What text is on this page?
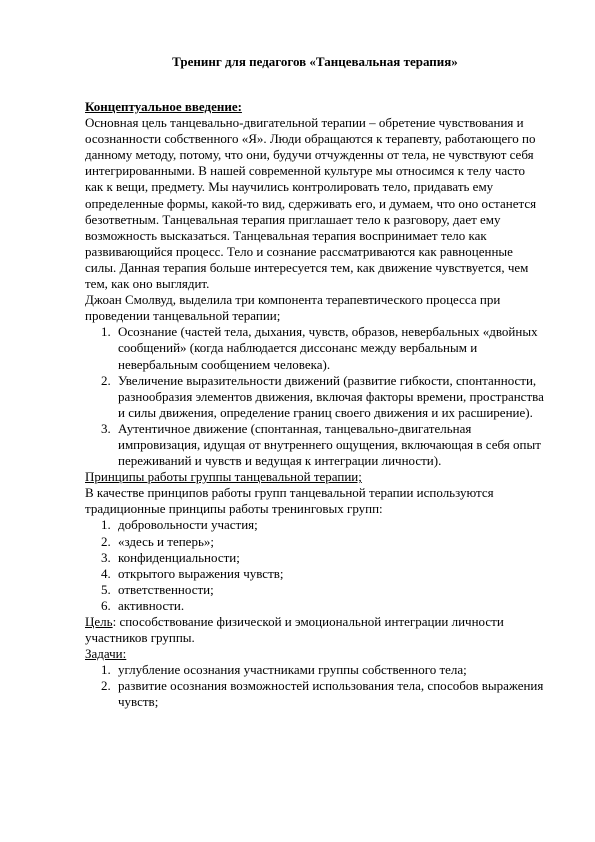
Тренинг для педагогов «Танцевальная терапия»

Концептуальное введение:

Основная цель танцевально-двигательной терапии – обретение чувствования и осознанности собственного «Я». Люди обращаются к терапевту, работающего по данному методу, потому, что они, будучи отчужденны от тела, не чувствуют себя интегрированными. В нашей современной культуре мы относимся к телу часто как к вещи, предмету. Мы научились контролировать тело, придавать ему определенные формы, какой-то вид, сдерживать его, и думаем, что оно останется безответным. Танцевальная терапия приглашает тело к разговору, дает ему возможность высказаться. Танцевальная терапия воспринимает тело как развивающийся процесс. Тело и сознание рассматриваются как равноценные силы. Данная терапия больше интересуется тем, как движение чувствуется, чем тем, как оно выглядит.

Джоан Смолвуд, выделила три компонента терапевтического процесса при проведении танцевальной терапии;

1. Осознание (частей тела, дыхания, чувств, образов, невербальных «двойных сообщений» (когда наблюдается диссонанс между вербальным и невербальным сообщением человека).
2. Увеличение выразительности движений (развитие гибкости, спонтанности, разнообразия элементов движения, включая факторы времени, пространства и силы движения, определение границ своего движения и их расширение).
3. Аутентичное движение (спонтанная, танцевально-двигательная импровизация, идущая от внутреннего ощущения, включающая в себя опыт переживаний и чувств и ведущая к интеграции личности).

Принципы работы группы танцевальной терапии;

В качестве принципов работы групп танцевальной терапии используются традиционные принципы работы тренинговых групп:

1. добровольности участия;
2. «здесь и теперь»;
3. конфиденциальности;
4. открытого выражения чувств;
5. ответственности;
6. активности.

Цель: способствование физической и эмоциональной интеграции личности участников группы.

Задачи:

1. углубление осознания участниками группы собственного тела;
2. развитие осознания возможностей использования тела, способов выражения чувств;
